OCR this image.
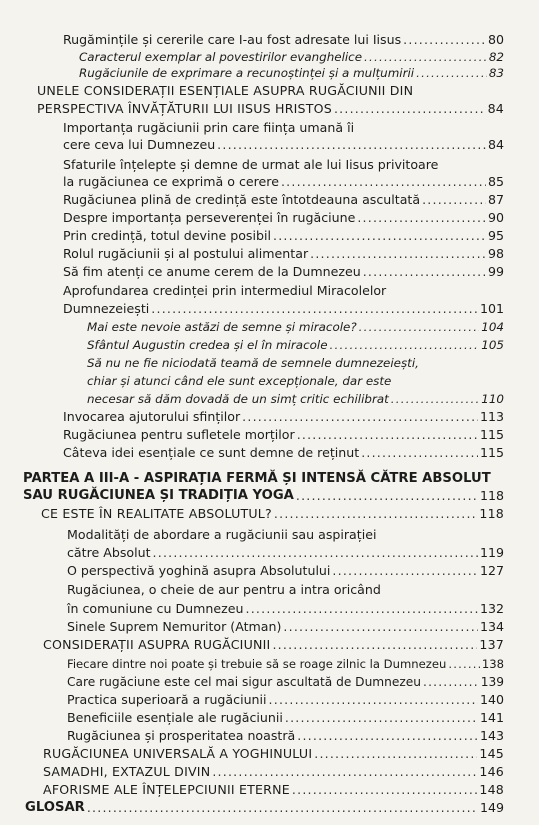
Rugămințile și cererile care I-au fost adresate lui Iisus .....	80
Caracterul exemplar al povestirilor evanghelice .....	82
Rugăciunile de exprimare a recunoștinței și a mulțumirii .....	83
UNELE CONSIDERAȚII ESENȚIALE ASUPRA RUGĂCIUNII DIN
PERSPECTIVA ÎNVĂȚĂTURII LUI IISUS HRISTOS .....	84
Importanța rugăciunii prin care ființa umană îi
cere ceva lui Dumnezeu .....	84
Sfaturile înțelepte și demne de urmat ale lui Iisus privitoare
la rugăciunea ce exprimă o cerere .....	85
Rugăciunea plină de credință este întotdeauna ascultată .....	87
Despre importanța perseverenței în rugăciune .....	90
Prin credință, totul devine posibil .....	95
Rolul rugăciunii și al postului alimentar .....	98
Să fim atenți ce anume cerem de la Dumnezeu .....	99
Aprofundarea credinței prin intermediul Miracolelor
Dumnezeiești .....	101
Mai este nevoie astăzi de semne și miracole? .....	104
Sfântul Augustin credea și el în miracole .....	105
Să nu ne fie niciodată teamă de semnele dumnezeiești,
chiar și atunci când ele sunt excepționale, dar este
necesar să dăm dovadă de un simț critic echilibrat .....	110
Invocarea ajutorului sfinților .....	113
Rugăciunea pentru sufletele morților .....	115
Câteva idei esențiale ce sunt demne de reținut .....	115
PARTEA A III-A - ASPIRAȚIA FERMĂ ȘI INTENSĂ CĂTRE ABSOLUT
SAU RUGĂCIUNEA ȘI TRADIȚIA YOGA .....	118
CE ESTE ÎN REALITATE ABSOLUTUL? .....	118
Modalități de abordare a rugăciunii sau aspirației
către Absolut .....	119
O perspectivă yoghină asupra Absolutului .....	127
Rugăciunea, o cheie de aur pentru a intra oricând
în comuniune cu Dumnezeu .....	132
Sinele Suprem Nemuritor (Atman) .....	134
CONSIDERAȚII ASUPRA RUGĂCIUNII .....	137
Fiecare dintre noi poate și trebuie să se roage zilnic la Dumnezeu .....	138
Care rugăciune este cel mai sigur ascultată de Dumnezeu .....	139
Practica superioară a rugăciunii .....	140
Beneficiile esențiale ale rugăciunii .....	141
Rugăciunea și prosperitatea noastră .....	143
RUGĂCIUNEA UNIVERSALĂ A YOGHINULUI .....	145
SAMADHI, EXTAZUL DIVIN .....	146
AFORISME ALE ÎNȚELEPCIUNII ETERNE .....	148
GLOSAR .....	149
